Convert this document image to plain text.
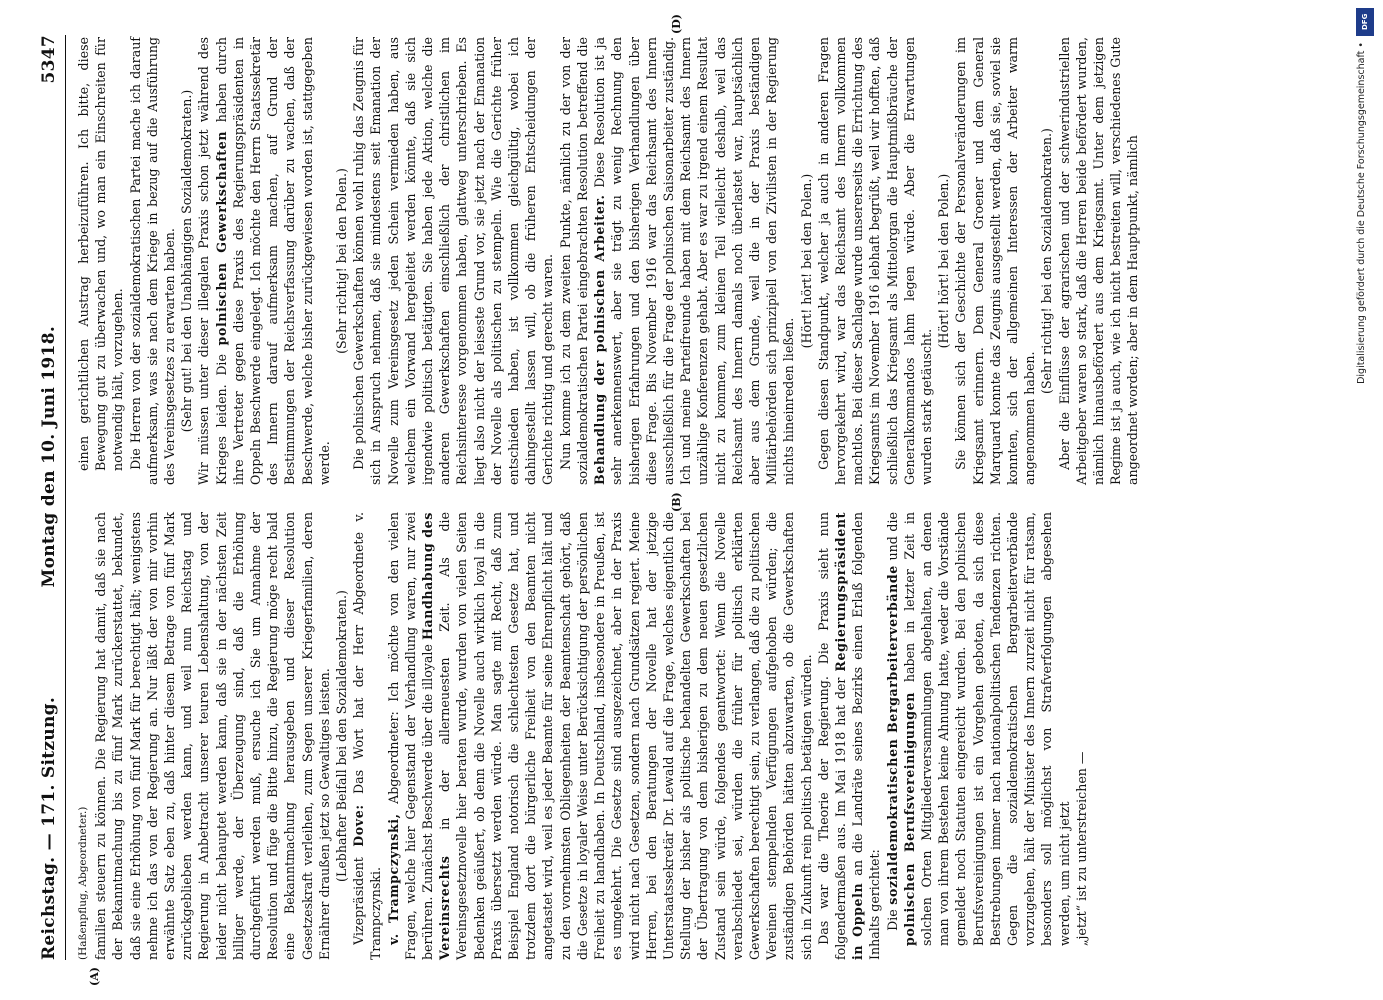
Reichstag. — 171. Sitzung.
Montag den 10. Juni 1918.  5347
(A)
(B)
(D)

(Haßenpflug, Abgeordneter.) familien steuern zu können. Die Regierung hat damit, daß sie nach der Bekanntmachung bis zu fünf Mark zurückerstattet, bekundet, daß sie eine Erhöhung von fünf Mark für berechtigt hält; wenigstens nehme ich das von der Regierung an. Nur läßt der von mir vorhin erwähnte Satz eben zu, daß hinter diesem Betrage von fünf Mark zurückgeblieben werden kann, und weil nun Reichstag und Regierung in Anbetracht unserer teuren Lebenshaltung, von der leider nicht behauptet werden kann, daß sie in der nächsten Zeit billiger werde, der Überzeugung sind, daß die Erhöhung durchgeführt werden muß, ersuche ich Sie um Annahme der Resolution und füge die Bitte hinzu, die Regierung möge recht bald eine Bekanntmachung herausgeben und dieser Resolution Gesetzeskraft verleihen, zum Segen unserer Kriegerfamilien, deren Ernährer draußen jetzt so Gewaltiges leisten. (Lebhafter Beifall bei den Sozialdemokraten.)

Vizepräsident Dove: Das Wort hat der Herr Abgeordnete v. Trampczynski. v. Trampczynski, Abgeordneter: Ich möchte von den vielen Fragen, welche hier Gegenstand der Verhandlung waren, nur zwei berühren. Zunächst Beschwerde über die illoyale Handhabung des Vereinsrechts in der allerneuesten Zeit. Als die Vereinsgesetznovelle hier beraten wurde, wurden von vielen Seiten Bedenken geäußert, ob denn die Novelle auch wirklich loyal in die Praxis übersetzt werden würde. Man sagte mit Recht, daß zum Beispiel England notorisch die schlechtesten Gesetze hat, und trotzdem dort die bürgerliche Freiheit von den Beamten nicht angetastet wird, weil es jeder Beamte für seine Ehrenpflicht hält und zu den vornehmsten Obliegenheiten der Beamtenschaft gehört, daß die Gesetze in loyaler Weise unter Berücksichtigung der persönlichen Freiheit zu handhaben. In Deutschland, insbesondere in Preußen, ist es umgekehrt. Die Gesetze sind ausgezeichnet, aber in der Praxis wird nicht nach Gesetzen, sondern nach Grundsätzen regiert. Meine Herren, bei den Beratungen der Novelle hat der jetzige Unterstaatssekretär Dr. Lewald auf die Frage, welches eigentlich die Stellung der bisher als politische behandelten Gewerkschaften bei der Übertragung von dem bisherigen zu dem neuen gesetzlichen Zustand sein würde, folgendes geantwortet: Wenn die Novelle verabschiedet sei, würden die früher für politisch erklärten Gewerkschaften berechtigt sein, zu verlangen, daß die zu politischen Vereinen stempelnden Verfügungen aufgehoben würden; die zuständigen Behörden hätten abzuwarten, ob die Gewerkschaften sich in Zukunft rein politisch betätigen würden. Das war die Theorie der Regierung. Die Praxis sieht nun folgendermaßen aus. Im Mai 1918 hat der Regierungspräsident in Oppeln an die Landräte seines Bezirks einen Erlaß folgenden Inhalts gerichtet: Die sozialdemokratischen Bergarbeiterverbände und die polnischen Berufsvereinigungen haben in letzter Zeit in solchen Orten Mitgliederversammlungen abgehalten, an denen man von ihrem Bestehen keine Ahnung hatte, weder die Vorstände gemeldet noch Statuten eingereicht wurden. Bei den polnischen Berufsvereinigungen ist ein Vorgehen geboten, da sich diese Bestrebungen immer nach nationalpolitischen Tendenzen richten. Gegen die sozialdemokratischen Bergarbeiterverbände vorzugehen, hält der Minister des Innern zurzeit nicht für ratsam, besonders soll möglichst von Strafverfolgungen abgesehen werden, um nicht jetzt „jetzt“ ist zu unterstreichen —

einen gerichtlichen Austrag herbeizuführen. Ich bitte, diese Bewegung gut zu überwachen und, wo man ein Einschreiten für notwendig hält, vorzugehen. Die Herren von der sozialdemokratischen Partei mache ich darauf aufmerksam, was sie nach dem Kriege in bezug auf die Ausführung des Vereinsgesetzes zu erwarten haben. (Sehr gut! bei den Unabhängigen Sozialdemokraten.) Wir müssen unter dieser illegalen Praxis schon jetzt während des Krieges leiden. Die polnischen Gewerkschaften haben durch ihre Vertreter gegen diese Praxis des Regierungspräsidenten in Oppeln Beschwerde eingelegt. Ich möchte den Herrn Staatssekretär des Innern darauf aufmerksam machen, auf Grund der Bestimmungen der Reichsverfassung darüber zu wachen, daß der Beschwerde, welche bisher zurückgewiesen worden ist, stattgegeben werde.

(Sehr richtig! bei den Polen.) Die polnischen Gewerkschaften können wohl ruhig das Zeugnis für sich in Anspruch nehmen, daß sie mindestens seit Emanation der Novelle zum Vereinsgesetz jeden Schein vermieden haben, aus welchem ein Vorwand hergeleitet werden könnte, daß sie sich irgendwie politisch betätigten. Sie haben jede Aktion, welche die anderen Gewerkschaften einschließlich der christlichen im Reichsinteresse vorgenommen haben, glattweg unterschrieben. Es liegt also nicht der leiseste Grund vor, sie jetzt nach der Emanation der Novelle als politischen zu stempeln. Wie die Gerichte früher entschieden haben, ist vollkommen gleichgültig, wobei ich dahingestellt lassen will, ob die früheren Entscheidungen der Gerichte richtig und gerecht waren. Nun komme ich zu dem zweiten Punkte, nämlich zu der von der sozialdemokratischen Partei eingebrachten Resolution betreffend die Behandlung der polnischen Arbeiter. Diese Resolution ist ja sehr anerkennenswert, aber sie trägt zu wenig Rechnung den bisherigen Erfahrungen und den bisherigen Verhandlungen über diese Frage. Bis November 1916 war das Reichsamt des Innern ausschließlich für die Frage der polnischen Saisonarbeiter zuständig. Ich und meine Parteifreunde haben mit dem Reichsamt des Innern unzählige Konferenzen gehabt. Aber es war zu irgend einem Resultat nicht zu kommen, zum kleinen Teil vielleicht deshalb, weil das Reichsamt des Innern damals noch überlastet war, hauptsächlich aber aus dem Grunde, weil die in der Praxis beständigen Militärbehörden sich prinzipiell von den Zivilisten in der Regierung nichts hineinreden ließen.

(Hört! hört! bei den Polen.) Gegen diesen Standpunkt, welcher ja auch in anderen Fragen hervorgekehrt wird, war das Reichsamt des Innern vollkommen machtlos. Bei dieser Sachlage wurde unsererseits die Errichtung des Kriegsamts im November 1916 lebhaft begrüßt, weil wir hofften, daß schließlich das Kriegsamt als Mittelorgan die Hauptmißbräuche der Generalkommandos lahm legen würde. Aber die Erwartungen wurden stark getäuscht.

(Hört! hört! bei den Polen.) Sie können sich der Geschichte der Personalveränderungen im Kriegsamt erinnern. Dem General Groener und dem General Marquard konnte das Zeugnis ausgestellt werden, daß sie, soviel sie konnten, sich der allgemeinen Interessen der Arbeiter warm angenommen haben.

(Sehr richtig! bei den Sozialdemokraten.) Aber die Einflüsse der agrarischen und der schwerindustriellen Arbeitgeber waren so stark, daß die Herren beide befördert wurden, nämlich hinausbefördert aus dem Kriegsamt. Unter dem jetzigen Regime ist ja auch, wie ich nicht bestreiten will, verschiedenes Gute angeordnet worden; aber in dem Hauptpunkt, nämlich

DFG
Digitalisierung gefördert durch die Deutsche Forschungsgemeinschaft •
